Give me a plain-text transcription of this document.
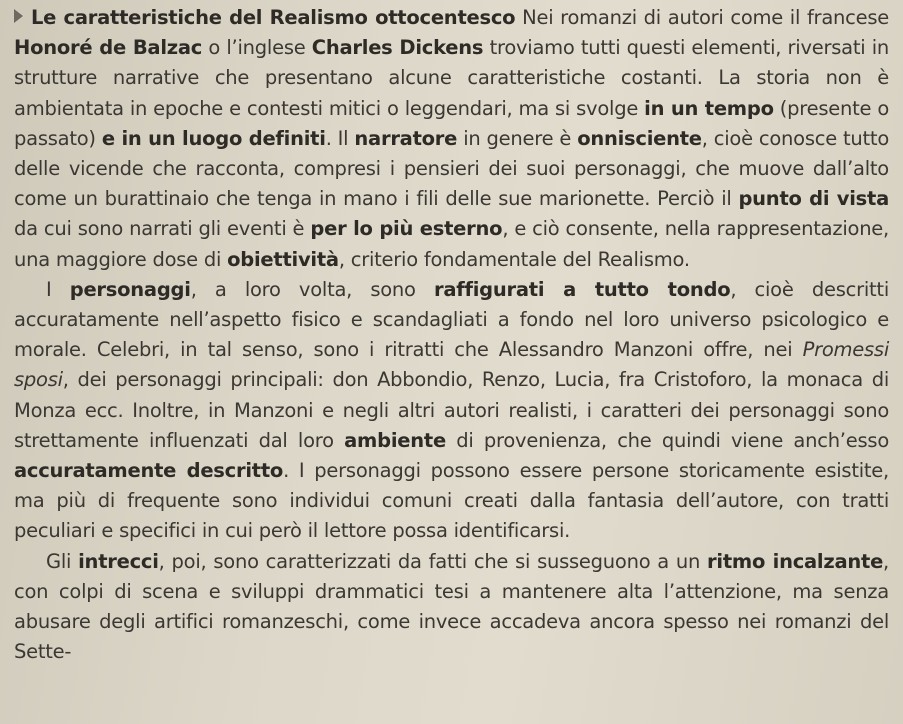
Le caratteristiche del Realismo ottocentesco Nei romanzi di autori come il francese Honoré de Balzac o l’inglese Charles Dickens troviamo tutti questi elementi, riversati in strutture narrative che presentano alcune caratteristiche costanti. La storia non è ambientata in epoche e contesti mitici o leggendari, ma si svolge in un tempo (presente o passato) e in un luogo definiti. Il narratore in genere è onnisciente, cioè conosce tutto delle vicende che racconta, compresi i pensieri dei suoi personaggi, che muove dall’alto come un burattinaio che tenga in mano i fili delle sue marionette. Perciò il punto di vista da cui sono narrati gli eventi è per lo più esterno, e ciò consente, nella rappresentazione, una maggiore dose di obiettività, criterio fondamentale del Realismo.

I personaggi, a loro volta, sono raffigurati a tutto tondo, cioè descritti accuratamente nell’aspetto fisico e scandagliati a fondo nel loro universo psicologico e morale. Celebri, in tal senso, sono i ritratti che Alessandro Manzoni offre, nei Promessi sposi, dei personaggi principali: don Abbondio, Renzo, Lucia, fra Cristoforo, la monaca di Monza ecc. Inoltre, in Manzoni e negli altri autori realisti, i caratteri dei personaggi sono strettamente influenzati dal loro ambiente di provenienza, che quindi viene anch’esso accuratamente descritto. I personaggi possono essere persone storicamente esistite, ma più di frequente sono individui comuni creati dalla fantasia dell’autore, con tratti peculiari e specifici in cui però il lettore possa identificarsi.

Gli intrecci, poi, sono caratterizzati da fatti che si susseguono a un ritmo incalzante, con colpi di scena e sviluppi drammatici tesi a mantenere alta l’attenzione, ma senza abusare degli artifici romanzeschi, come invece accadeva ancora spesso nei romanzi del Sette-
